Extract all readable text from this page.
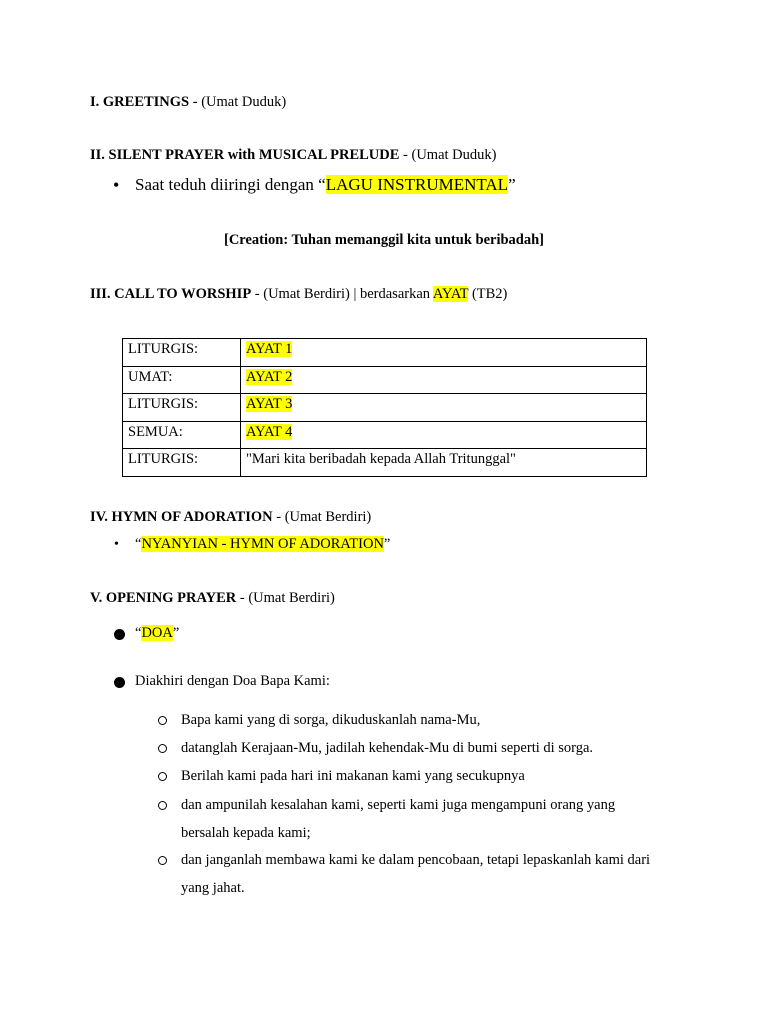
I. GREETINGS - (Umat Duduk)
II. SILENT PRAYER with MUSICAL PRELUDE - (Umat Duduk)
• Saat teduh diiringi dengan “LAGU INSTRUMENTAL”
[Creation: Tuhan memanggil kita untuk beribadah]
III. CALL TO WORSHIP - (Umat Berdiri) | berdasarkan AYAT (TB2)
LITURGIS:	AYAT 1
UMAT:	AYAT 2
LITURGIS:	AYAT 3
SEMUA:	AYAT 4
LITURGIS:	"Mari kita beribadah kepada Allah Tritunggal"
IV. HYMN OF ADORATION - (Umat Berdiri)
• “NYANYIAN - HYMN OF ADORATION”
V. OPENING PRAYER - (Umat Berdiri)
“DOA”
Diakhiri dengan Doa Bapa Kami:
Bapa kami yang di sorga, dikuduskanlah nama-Mu,
datanglah Kerajaan-Mu, jadilah kehendak-Mu di bumi seperti di sorga.
Berilah kami pada hari ini makanan kami yang secukupnya
dan ampunilah kesalahan kami, seperti kami juga mengampuni orang yang
bersalah kepada kami;
dan janganlah membawa kami ke dalam pencobaan, tetapi lepaskanlah kami dari
yang jahat.
